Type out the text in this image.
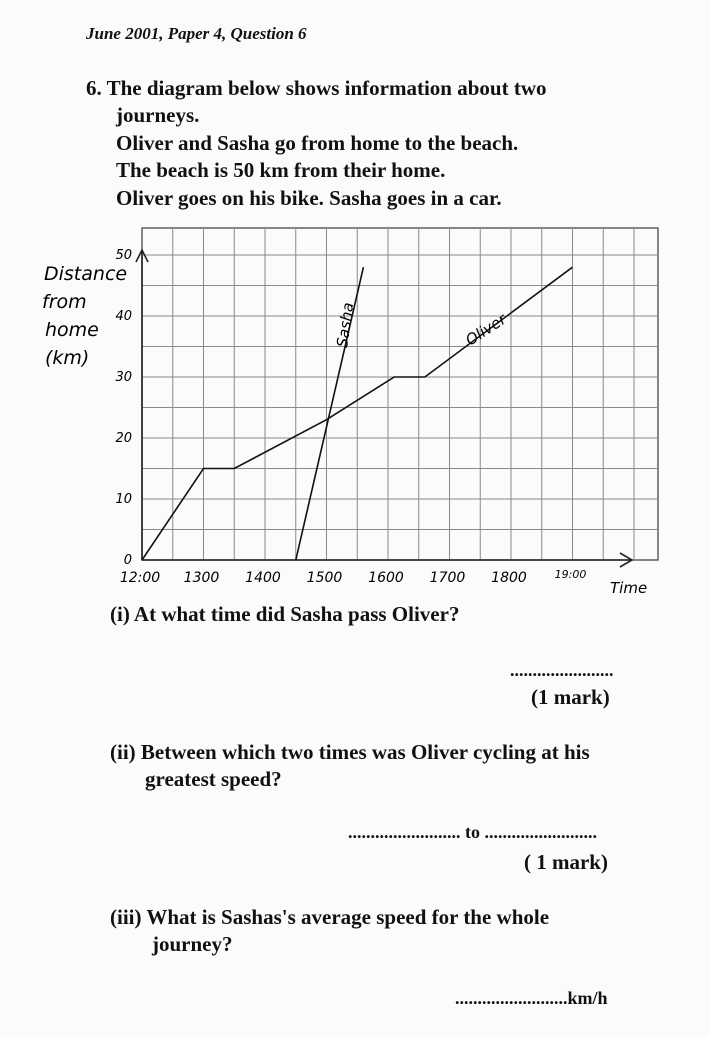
June 2001, Paper 4, Question 6
6. The diagram below shows information about two
journeys.
Oliver and Sasha go from home to the beach.
The beach is 50 km from their home.
Oliver goes on his bike. Sasha goes in a car.
0
10
20
30
40
50
12:00 1300 1400 1500 1600 1700 1800	19:00
Time
Distance
from
home
(km)
Sasha	Oliver
(i) At what time did Sasha pass Oliver?
.......................
(1 mark)
(ii) Between which two times was Oliver cycling at his
greatest speed?
......................... to .........................
( 1 mark)
(iii) What is Sashas's average speed for the whole
journey?
.........................km/h
